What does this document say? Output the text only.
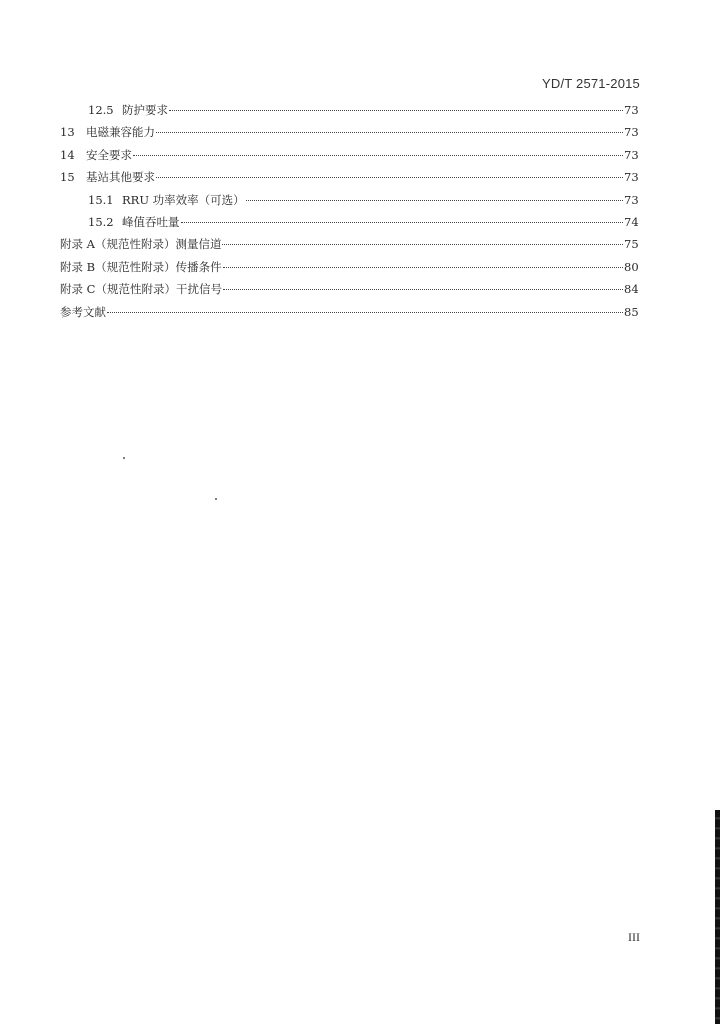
YD/T 2571-2015
12.5 防护要求	73
13 电磁兼容能力	73
14 安全要求	73
15 基站其他要求	73
15.1 RRU 功率效率（可选）	73
15.2 峰值吞吐量	74
附录 A（规范性附录）测量信道	75
附录 B（规范性附录）传播条件	80
附录 C（规范性附录）干扰信号	84
参考文献	85
III
